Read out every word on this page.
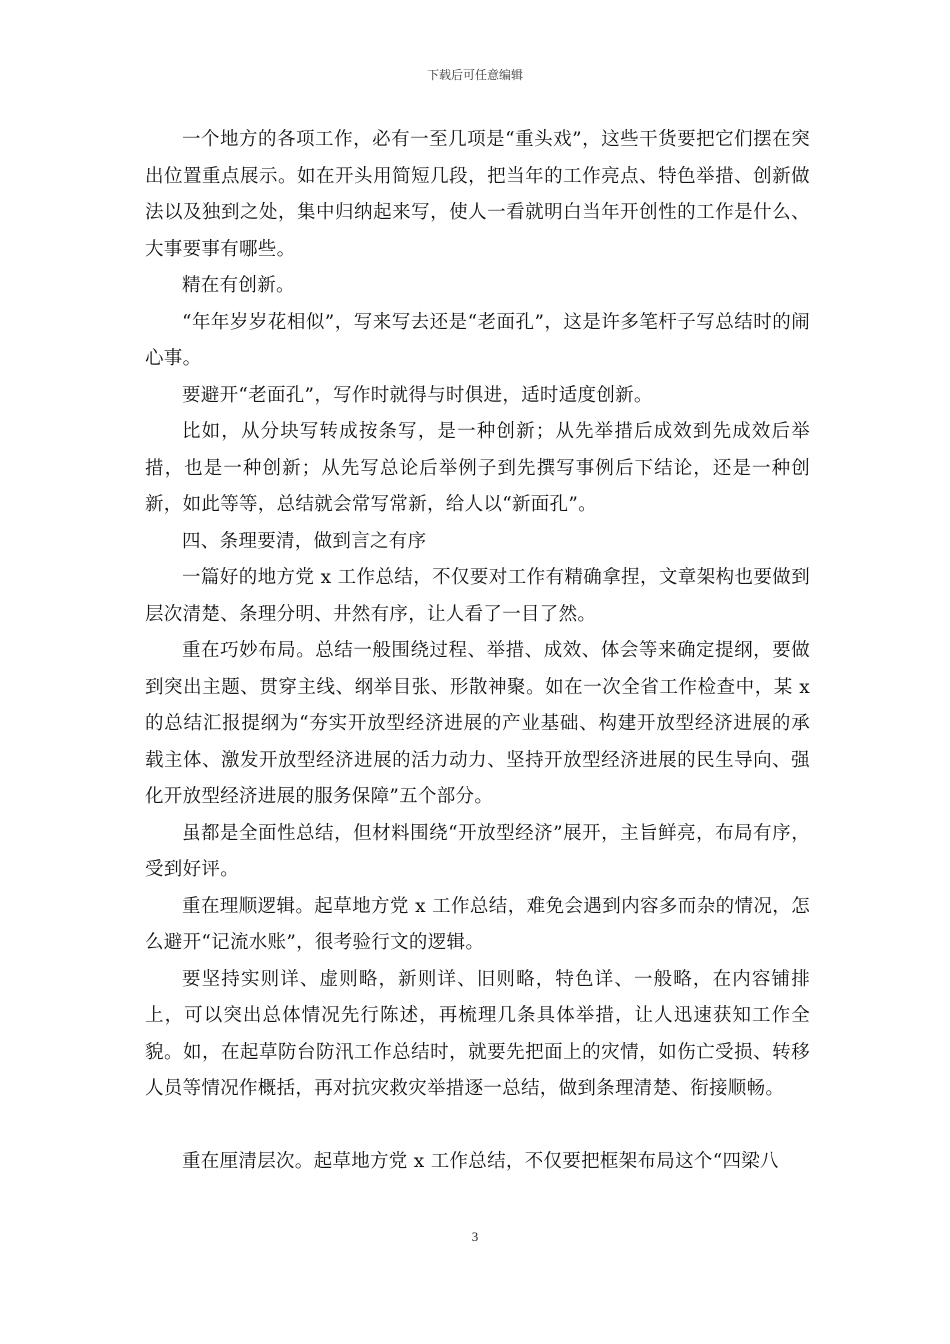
下载后可任意编辑

一个地方的各项工作，必有一至几项是“重头戏”，这些干货要把它们摆在突出位置重点展示。如在开头用简短几段，把当年的工作亮点、特色举措、创新做法以及独到之处，集中归纳起来写，使人一看就明白当年开创性的工作是什么、大事要事有哪些。

精在有创新。

“年年岁岁花相似”，写来写去还是“老面孔”，这是许多笔杆子写总结时的闹心事。

要避开“老面孔”，写作时就得与时俱进，适时适度创新。

比如，从分块写转成按条写，是一种创新；从先举措后成效到先成效后举措，也是一种创新；从先写总论后举例子到先撰写事例后下结论，还是一种创新，如此等等，总结就会常写常新，给人以“新面孔”。

四、条理要清，做到言之有序

一篇好的地方党 x 工作总结，不仅要对工作有精确拿捏，文章架构也要做到层次清楚、条理分明、井然有序，让人看了一目了然。

重在巧妙布局。总结一般围绕过程、举措、成效、体会等来确定提纲，要做到突出主题、贯穿主线、纲举目张、形散神聚。如在一次全省工作检查中，某 x 的总结汇报提纲为“夯实开放型经济进展的产业基础、构建开放型经济进展的承载主体、激发开放型经济进展的活力动力、坚持开放型经济进展的民生导向、强化开放型经济进展的服务保障”五个部分。

虽都是全面性总结，但材料围绕“开放型经济”展开，主旨鲜亮，布局有序，受到好评。

重在理顺逻辑。起草地方党 x 工作总结，难免会遇到内容多而杂的情况，怎么避开“记流水账”，很考验行文的逻辑。

要坚持实则详、虚则略，新则详、旧则略，特色详、一般略，在内容铺排上，可以突出总体情况先行陈述，再梳理几条具体举措，让人迅速获知工作全貌。如，在起草防台防汛工作总结时，就要先把面上的灾情，如伤亡受损、转移人员等情况作概括，再对抗灾救灾举措逐一总结，做到条理清楚、衔接顺畅。

重在厘清层次。起草地方党 x 工作总结，不仅要把框架布局这个“四梁八

3
